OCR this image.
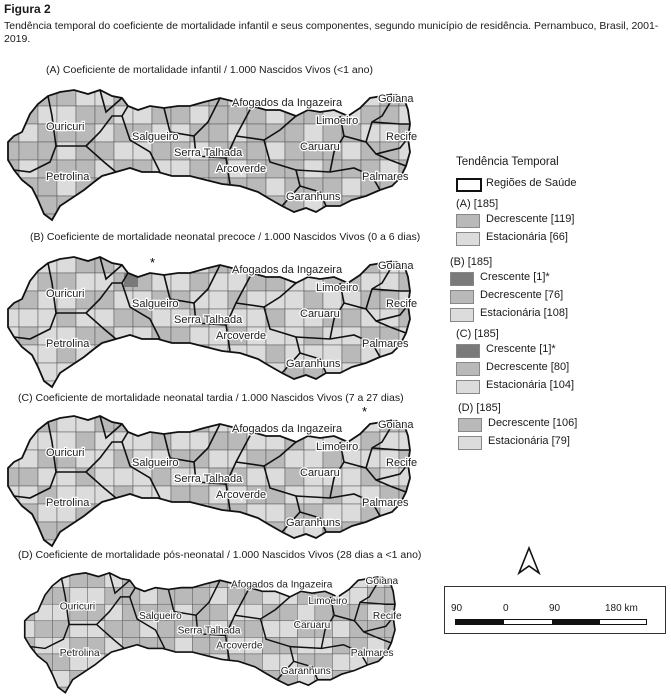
Figura 2
Tendência temporal do coeficiente de mortalidade infantil e seus componentes, segundo município de residência. Pernambuco, Brasil, 2001-2019.
(A) Coeficiente de mortalidade infantil / 1.000 Nascidos Vivos (<1 ano)
(B) Coeficiente de mortalidade neonatal precoce / 1.000 Nascidos Vivos (0 a 6 dias)
(C) Coeficiente de mortalidade neonatal tardia / 1.000 Nascidos Vivos (7 a 27 dias)
(D) Coeficiente de mortalidade pós-neonatal / 1.000 Nascidos Vivos (28 dias a <1 ano)
Ouricuri
Salgueiro
Afogados da Ingazeira	Goiana
Limoeiro
Recife
Serra Talhada
Arcoverde
Caruaru
Palmares
Petrolina
Garanhuns
Ouricuri
Salgueiro
Afogados da Ingazeira	Goiana
Limoeiro
Recife
Serra Talhada
Arcoverde
Caruaru
Palmares
Petrolina
Garanhuns
*
Ouricuri
Salgueiro
Afogados da Ingazeira	Goiana
Limoeiro
Recife
Serra Talhada
Arcoverde
Caruaru
Palmares
Petrolina
Garanhuns
*
Ouricuri
Salgueiro
Afogados da Ingazeira	Goiana
Limoeiro
Recife
Serra Talhada
Arcoverde
Caruaru
Palmares
Petrolina
Garanhuns
Tendência Temporal
Regiões de Saúde
(A) [185]
Decrescente [119]
Estacionária [66]
(B) [185]
Crescente [1]*
Decrescente [76]
Estacionária [108]
(C) [185]
Crescente [1]*
Decrescente [80]
Estacionária [104]
(D) [185]
Decrescente [106]
Estacionária [79]
90	0	90	180 km
